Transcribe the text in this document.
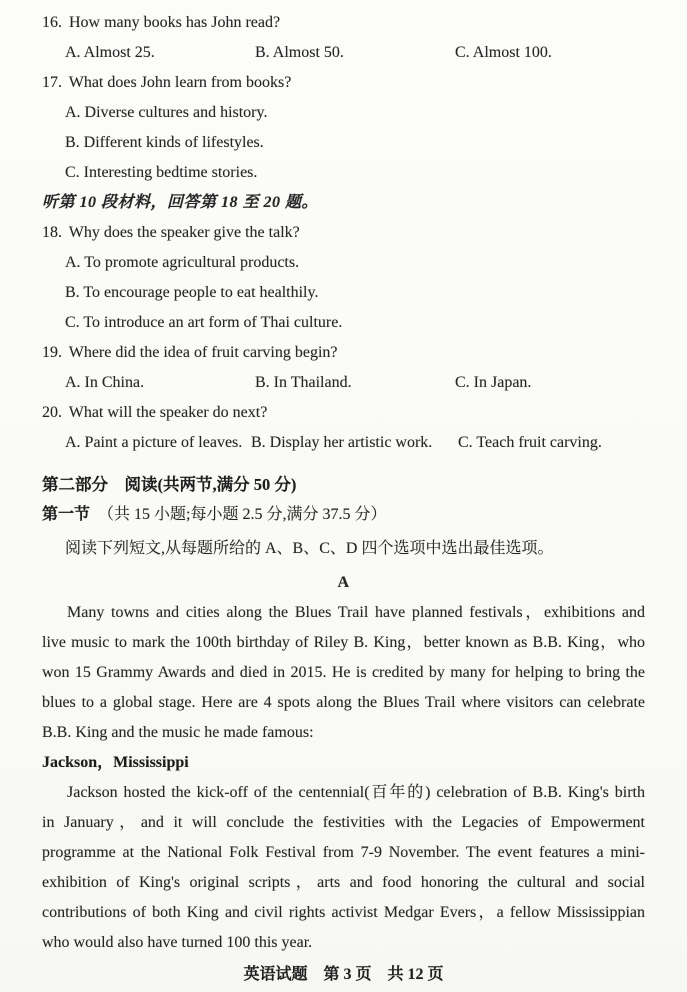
16. How many books has John read?
A. Almost 25.	B. Almost 50.	C. Almost 100.
17. What does John learn from books?
A. Diverse cultures and history.
B. Different kinds of lifestyles.
C. Interesting bedtime stories.
听第 10 段材料，回答第 18 至 20 题。
18. Why does the speaker give the talk?
A. To promote agricultural products.
B. To encourage people to eat healthily.
C. To introduce an art form of Thai culture.
19. Where did the idea of fruit carving begin?
A. In China.	B. In Thailand.	C. In Japan.
20. What will the speaker do next?
A. Paint a picture of leaves. B. Display her artistic work.	C. Teach fruit carving.
第二部分　阅读(共两节,满分 50 分)
第一节　（共 15 小题;每小题 2.5 分,满分 37.5 分）
阅读下列短文,从每题所给的 A、B、C、D 四个选项中选出最佳选项。
A
Many towns and cities along the Blues Trail have planned festivals，exhibitions and
live music to mark the 100th birthday of Riley B. King，better known as B.B. King，who
won 15 Grammy Awards and died in 2015. He is credited by many for helping to bring the
blues to a global stage. Here are 4 spots along the Blues Trail where visitors can celebrate
B.B. King and the music he made famous:
Jackson，Mississippi
Jackson hosted the kick-off of the centennial(百年的) celebration of B.B. King's birth
in January，and it will conclude the festivities with the Legacies of Empowerment
programme at the National Folk Festival from 7-9 November. The event features a mini-
exhibition of King's original scripts，arts and food honoring the cultural and social
contributions of both King and civil rights activist Medgar Evers，a fellow Mississippian
who would also have turned 100 this year.
英语试题　第 3 页　共 12 页
